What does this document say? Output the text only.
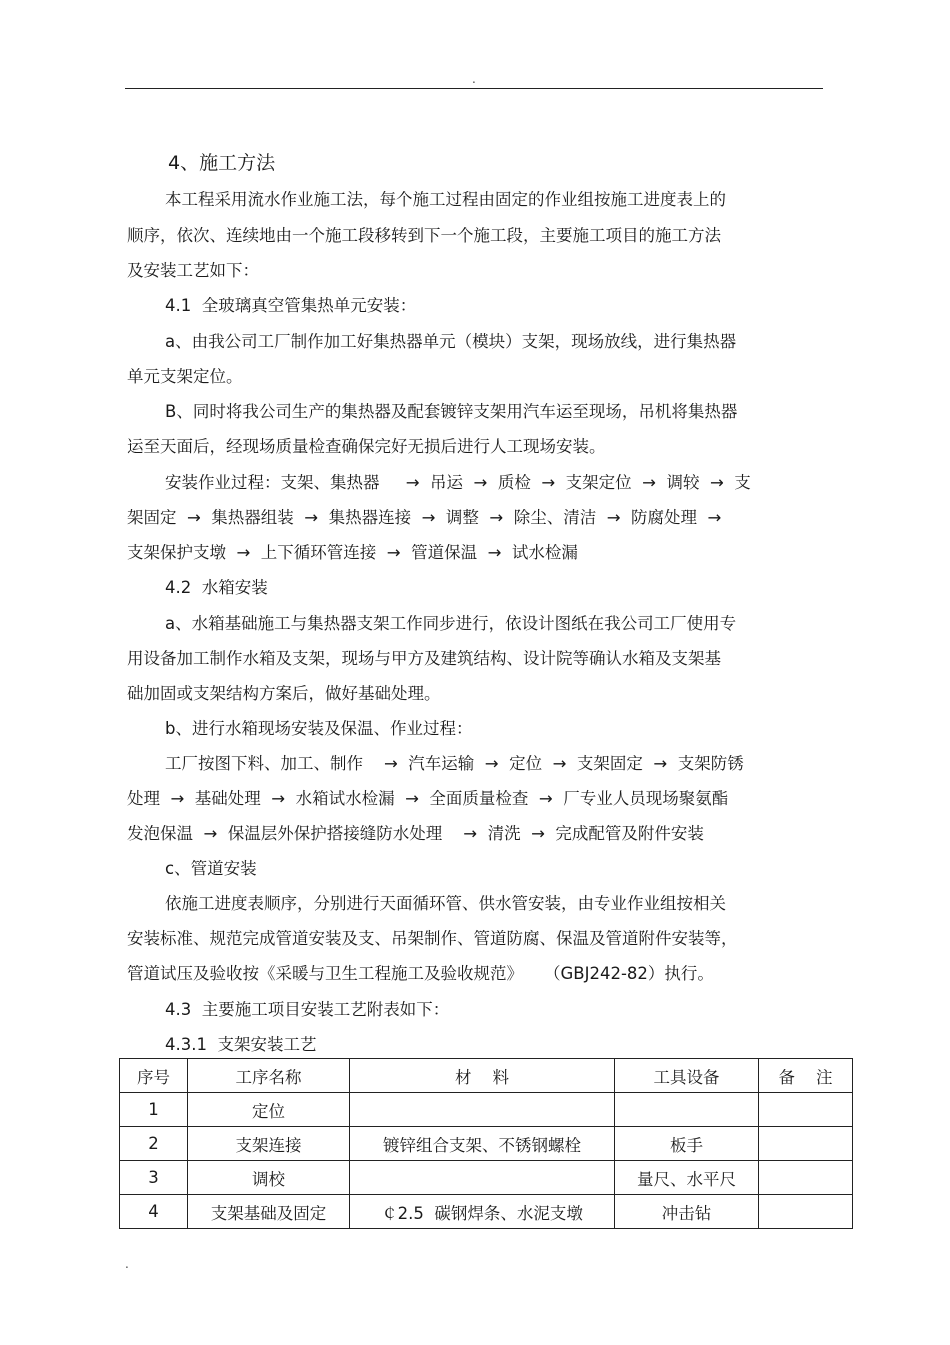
.
4、施工方法
本工程采用流水作业施工法，每个施工过程由固定的作业组按施工进度表上的
顺序，依次、连续地由一个施工段移转到下一个施工段，主要施工项目的施工方法
及安装工艺如下：
4.1  全玻璃真空管集热单元安装：
a、由我公司工厂制作加工好集热器单元（模块）支架，现场放线，进行集热器
单元支架定位。
B、同时将我公司生产的集热器及配套镀锌支架用汽车运至现场，吊机将集热器
运至天面后，经现场质量检查确保完好无损后进行人工现场安装。
安装作业过程：支架、集热器     →  吊运  →  质检  →  支架定位  →  调较  →  支
架固定  →  集热器组装  →  集热器连接  →  调整  →  除尘、清洁  →  防腐处理  →
支架保护支墩  →  上下循环管连接  →  管道保温  →  试水检漏
4.2  水箱安装
a、水箱基础施工与集热器支架工作同步进行，依设计图纸在我公司工厂使用专
用设备加工制作水箱及支架，现场与甲方及建筑结构、设计院等确认水箱及支架基
础加固或支架结构方案后，做好基础处理。
b、进行水箱现场安装及保温、作业过程：
工厂按图下料、加工、制作    →  汽车运输  →  定位  →  支架固定  →  支架防锈
处理  →  基础处理  →  水箱试水检漏  →  全面质量检查  →  厂专业人员现场聚氨酯
发泡保温  →  保温层外保护搭接缝防水处理    →  清洗  →  完成配管及附件安装
c、管道安装
依施工进度表顺序，分别进行天面循环管、供水管安装，由专业作业组按相关
安装标准、规范完成管道安装及支、吊架制作、管道防腐、保温及管道附件安装等，
管道试压及验收按《采暖与卫生工程施工及验收规范》    （GBJ242-82）执行。
4.3  主要施工项目安装工艺附表如下：
4.3.1  支架安装工艺
序号	工序名称	材    料	工具设备	备    注
1	定位			
2	支架连接	镀锌组合支架、不锈钢螺栓	板手	
3	调校		量尺、水平尺	
4	支架基础及固定	￠2.5  碳钢焊条、水泥支墩	冲击钻	
.
